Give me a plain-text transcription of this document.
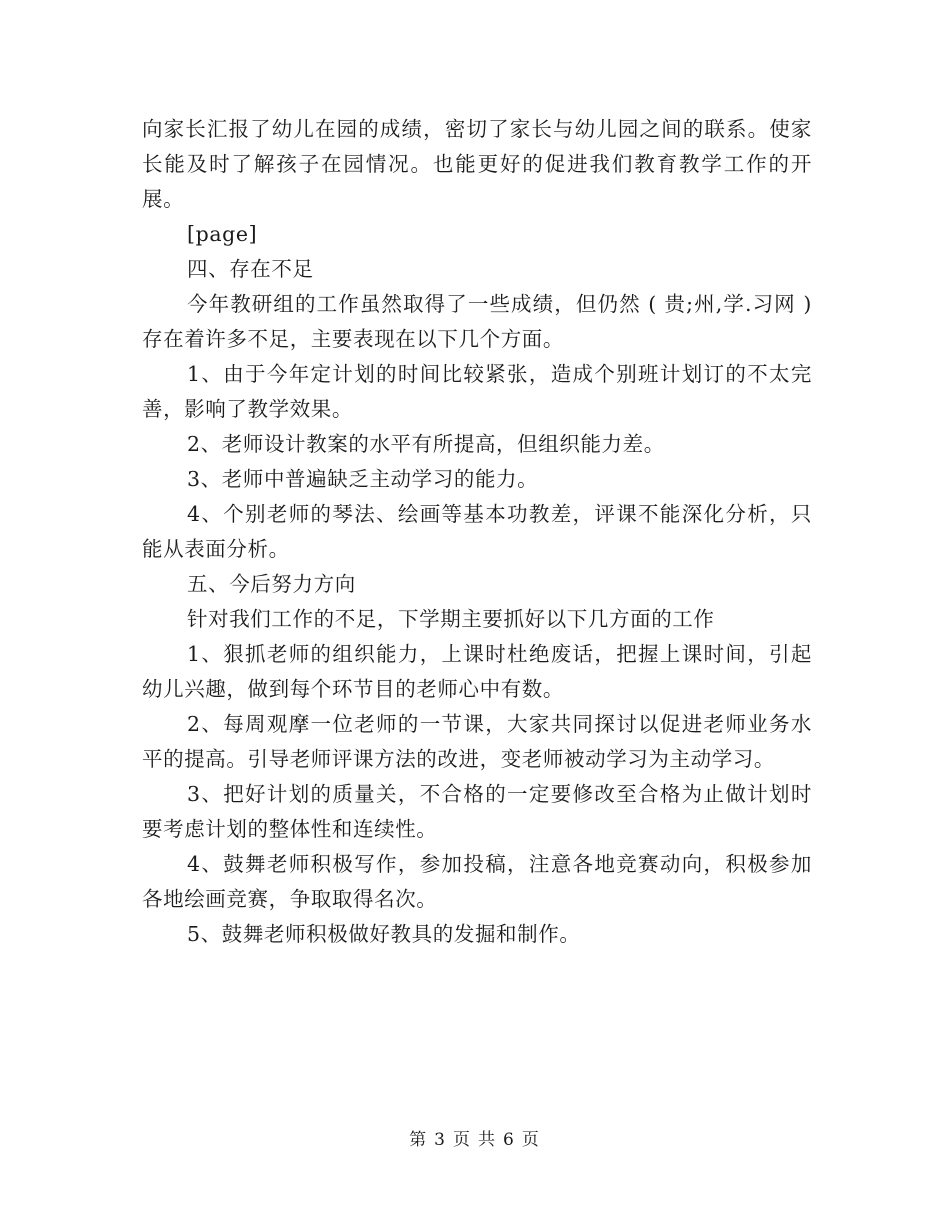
向家长汇报了幼儿在园的成绩，密切了家长与幼儿园之间的联系。使家长能及时了解孩子在园情况。也能更好的促进我们教育教学工作的开展。

[page]

四、存在不足

今年教研组的工作虽然取得了一些成绩，但仍然 ( 贵;州,学.习网 )存在着许多不足，主要表现在以下几个方面。

1、由于今年定计划的时间比较紧张，造成个别班计划订的不太完善，影响了教学效果。

2、老师设计教案的水平有所提高，但组织能力差。

3、老师中普遍缺乏主动学习的能力。

4、个别老师的琴法、绘画等基本功教差，评课不能深化分析，只能从表面分析。

五、今后努力方向

针对我们工作的不足，下学期主要抓好以下几方面的工作

1、狠抓老师的组织能力，上课时杜绝废话，把握上课时间，引起幼儿兴趣，做到每个环节目的老师心中有数。

2、每周观摩一位老师的一节课，大家共同探讨以促进老师业务水平的提高。引导老师评课方法的改进，变老师被动学习为主动学习。

3、把好计划的质量关，不合格的一定要修改至合格为止做计划时要考虑计划的整体性和连续性。

4、鼓舞老师积极写作，参加投稿，注意各地竞赛动向，积极参加各地绘画竞赛，争取取得名次。

5、鼓舞老师积极做好教具的发掘和制作。

第 3 页 共 6 页
